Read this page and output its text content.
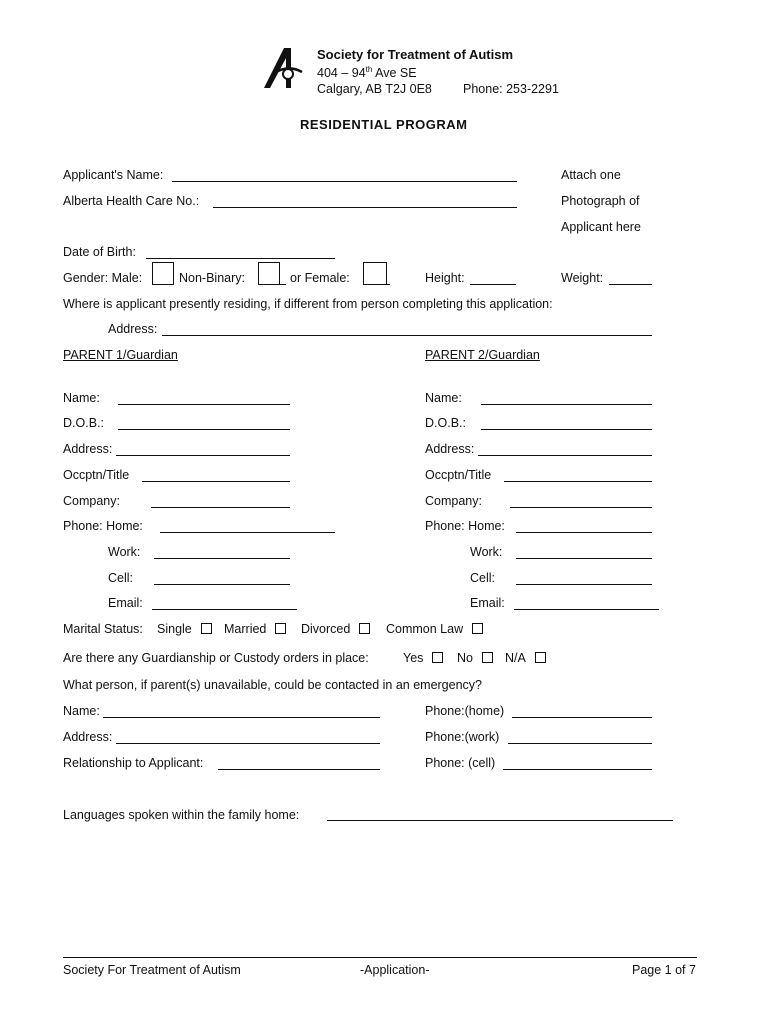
Society for Treatment of Autism
404 – 94th Ave SE
Calgary, AB T2J 0E8 Phone: 253-2291
RESIDENTIAL PROGRAM
Applicant's Name:
Alberta Health Care No.:
Attach one
Photograph of
Applicant here
Date of Birth:
Gender: Male:	Non-Binary:	or Female:	Height:	Weight:
Where is applicant presently residing, if different from person completing this application:
Address:
PARENT 1/Guardian
Name:
D.O.B.:
Address:
Occptn/Title
Company:
Phone: Home:
Work:
Cell:
Email:
PARENT 2/Guardian
Name:
D.O.B.:
Address:
Occptn/Title
Company:
Phone: Home:
Work:
Cell:
Email:
Marital Status: Single	Married	Divorced	Common Law
Are there any Guardianship or Custody orders in place:	Yes	No	N/A
What person, if parent(s) unavailable, could be contacted in an emergency?
Name:
Address:
Relationship to Applicant:
Phone:(home)
Phone:(work)
Phone: (cell)
Languages spoken within the family home:
Society For Treatment of Autism	-Application-	Page 1 of 7
